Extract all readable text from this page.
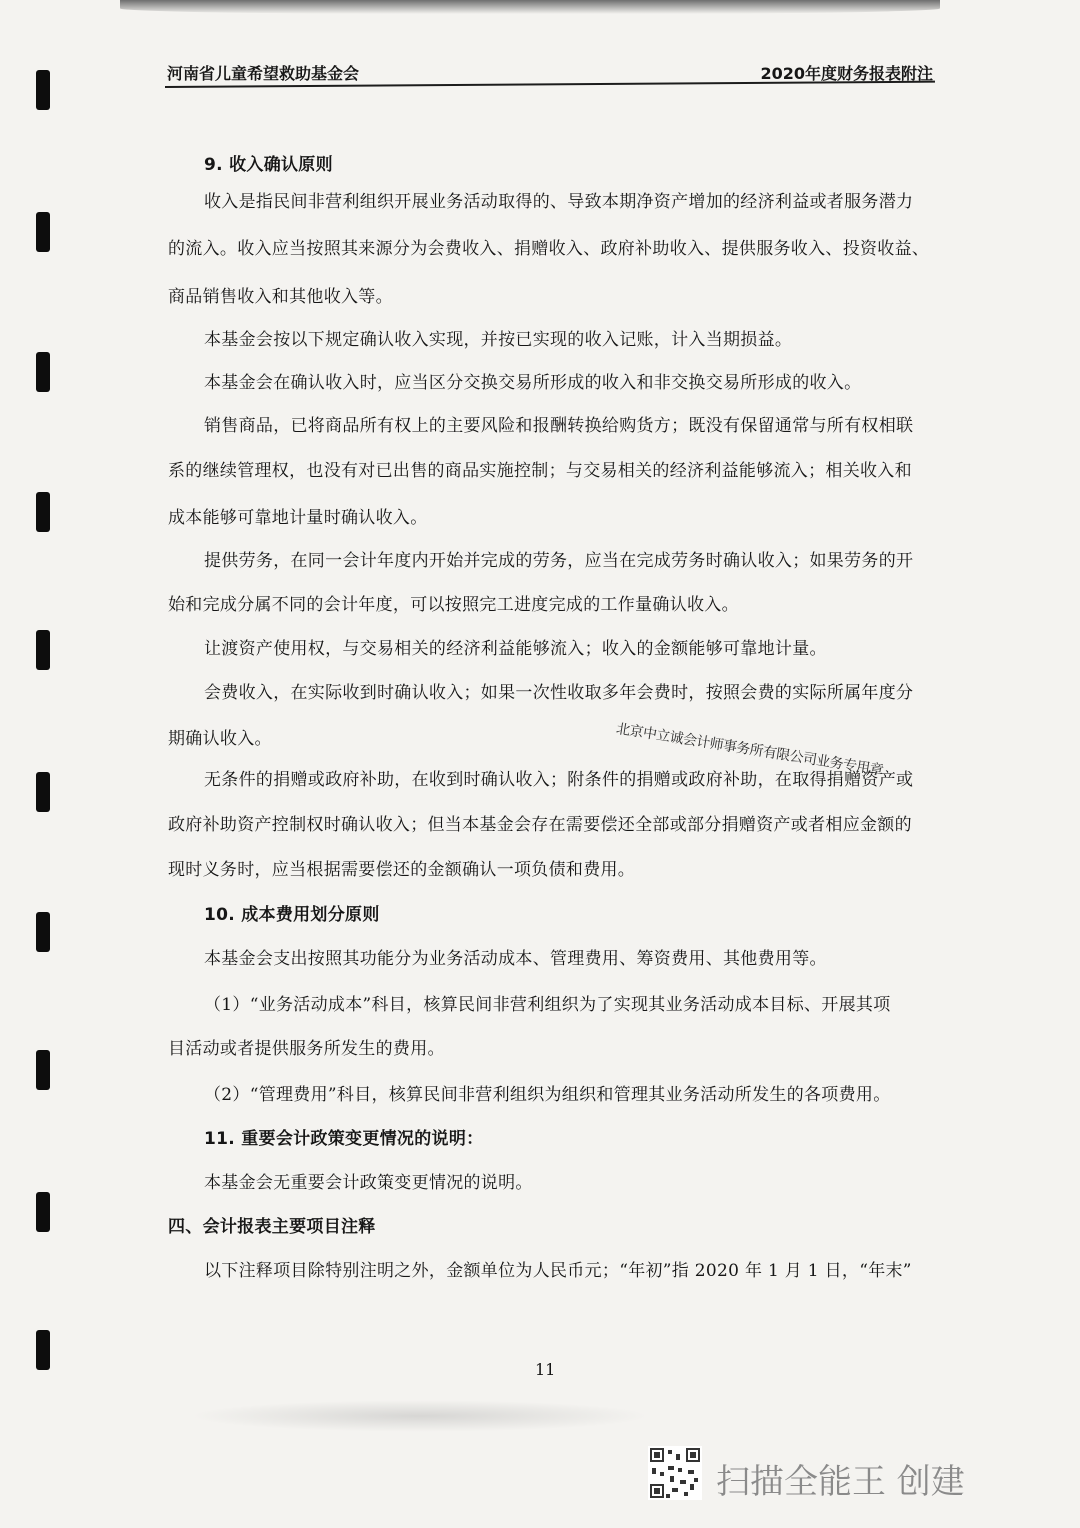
河南省儿童希望救助基金会	2020年度财务报表附注
9. 收入确认原则
收入是指民间非营利组织开展业务活动取得的、导致本期净资产增加的经济利益或者服务潜力
的流入。收入应当按照其来源分为会费收入、捐赠收入、政府补助收入、提供服务收入、投资收益、
商品销售收入和其他收入等。
本基金会按以下规定确认收入实现，并按已实现的收入记账，计入当期损益。
本基金会在确认收入时，应当区分交换交易所形成的收入和非交换交易所形成的收入。
销售商品，已将商品所有权上的主要风险和报酬转换给购货方；既没有保留通常与所有权相联
系的继续管理权，也没有对已出售的商品实施控制；与交易相关的经济利益能够流入；相关收入和
成本能够可靠地计量时确认收入。
提供劳务，在同一会计年度内开始并完成的劳务，应当在完成劳务时确认收入；如果劳务的开
始和完成分属不同的会计年度，可以按照完工进度完成的工作量确认收入。
让渡资产使用权，与交易相关的经济利益能够流入；收入的金额能够可靠地计量。
会费收入，在实际收到时确认收入；如果一次性收取多年会费时，按照会费的实际所属年度分
期确认收入。
无条件的捐赠或政府补助，在收到时确认收入；附条件的捐赠或政府补助，在取得捐赠资产或
政府补助资产控制权时确认收入；但当本基金会存在需要偿还全部或部分捐赠资产或者相应金额的
现时义务时，应当根据需要偿还的金额确认一项负债和费用。
10. 成本费用划分原则
本基金会支出按照其功能分为业务活动成本、管理费用、筹资费用、其他费用等。
（1）“业务活动成本”科目，核算民间非营利组织为了实现其业务活动成本目标、开展其项
目活动或者提供服务所发生的费用。
（2）“管理费用”科目，核算民间非营利组织为组织和管理其业务活动所发生的各项费用。
11. 重要会计政策变更情况的说明：
本基金会无重要会计政策变更情况的说明。
四、会计报表主要项目注释
以下注释项目除特别注明之外，金额单位为人民币元；“年初”指 2020 年 1 月 1 日，“年末”
北京中立诚会计师事务所有限公司业务专用章
11
扫描全能王 创建
